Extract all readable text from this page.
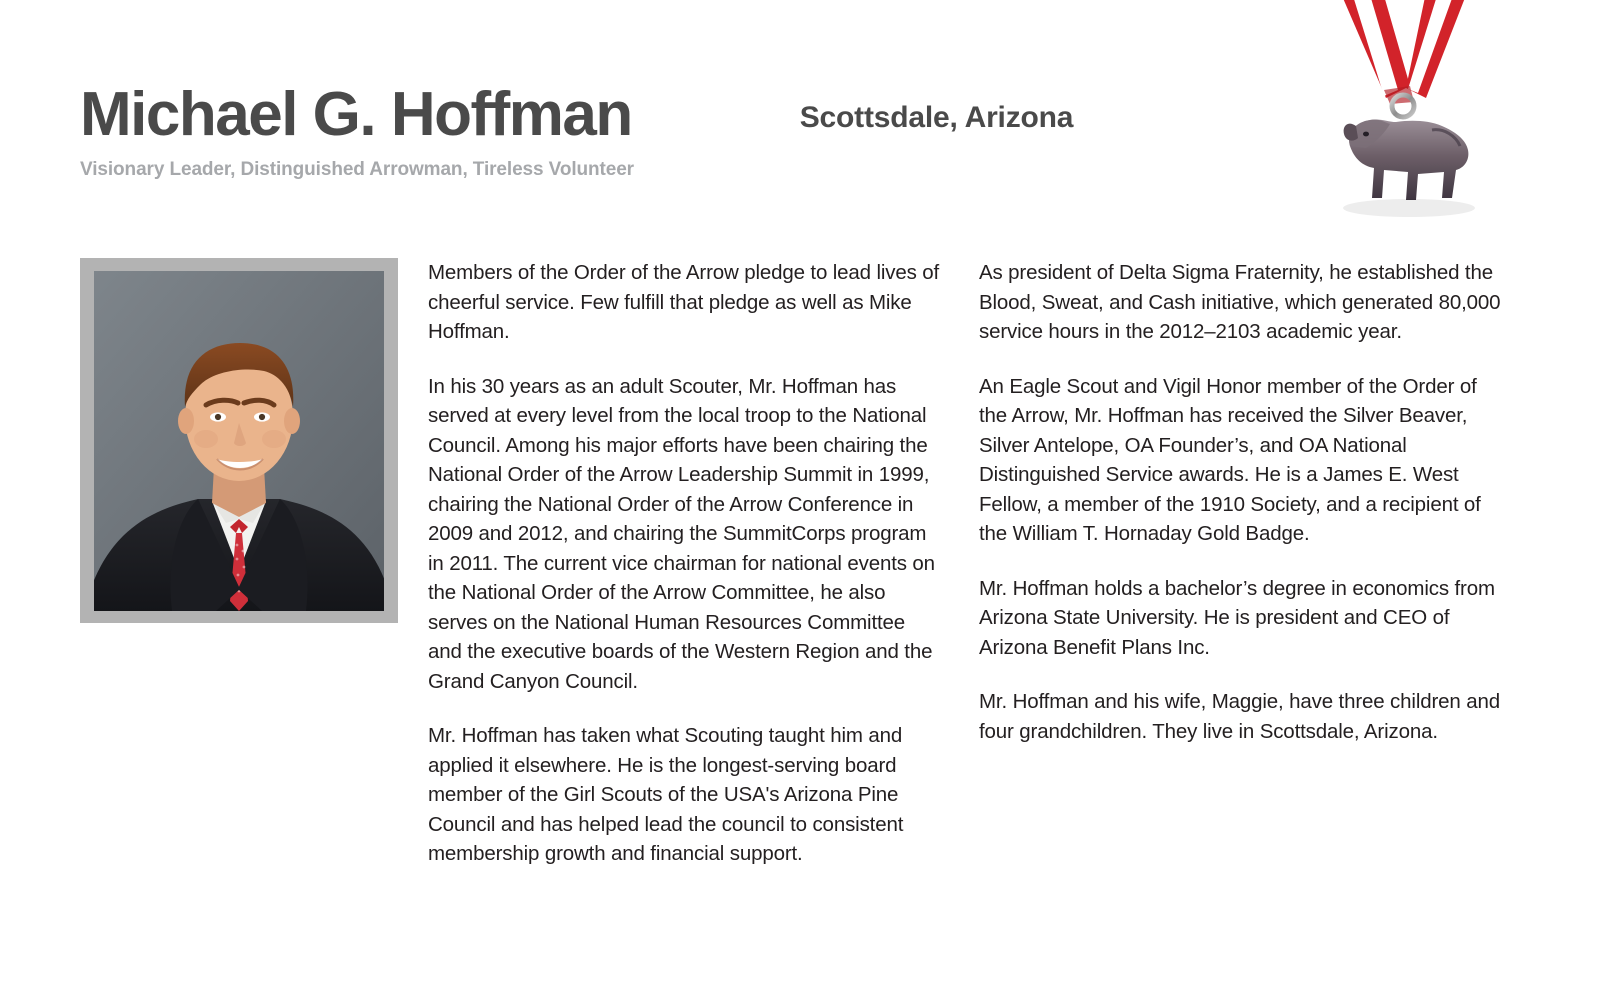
Michael G. Hoffman	Scottsdale, Arizona
Visionary Leader, Distinguished Arrowman, Tireless Volunteer

Members of the Order of the Arrow pledge to lead lives of cheerful service. Few fulfill that pledge as well as Mike Hoffman.

In his 30 years as an adult Scouter, Mr. Hoffman has served at every level from the local troop to the National Council. Among his major efforts have been chairing the National Order of the Arrow Leadership Summit in 1999, chairing the National Order of the Arrow Conference in 2009 and 2012, and chairing the SummitCorps program in 2011. The current vice chairman for national events on the National Order of the Arrow Committee, he also serves on the National Human Resources Committee and the executive boards of the Western Region and the Grand Canyon Council.

Mr. Hoffman has taken what Scouting taught him and applied it elsewhere. He is the longest-serving board member of the Girl Scouts of the USA's Arizona Pine Council and has helped lead the council to consistent membership growth and financial support.

As president of Delta Sigma Fraternity, he established the Blood, Sweat, and Cash initiative, which generated 80,000 service hours in the 2012–2103 academic year.

An Eagle Scout and Vigil Honor member of the Order of the Arrow, Mr. Hoffman has received the Silver Beaver, Silver Antelope, OA Founder’s, and OA National Distinguished Service awards. He is a James E. West Fellow, a member of the 1910 Society, and a recipient of the William T. Hornaday Gold Badge.

Mr. Hoffman holds a bachelor’s degree in economics from Arizona State University. He is president and CEO of Arizona Benefit Plans Inc.

Mr. Hoffman and his wife, Maggie, have three children and four grandchildren. They live in Scottsdale, Arizona.
